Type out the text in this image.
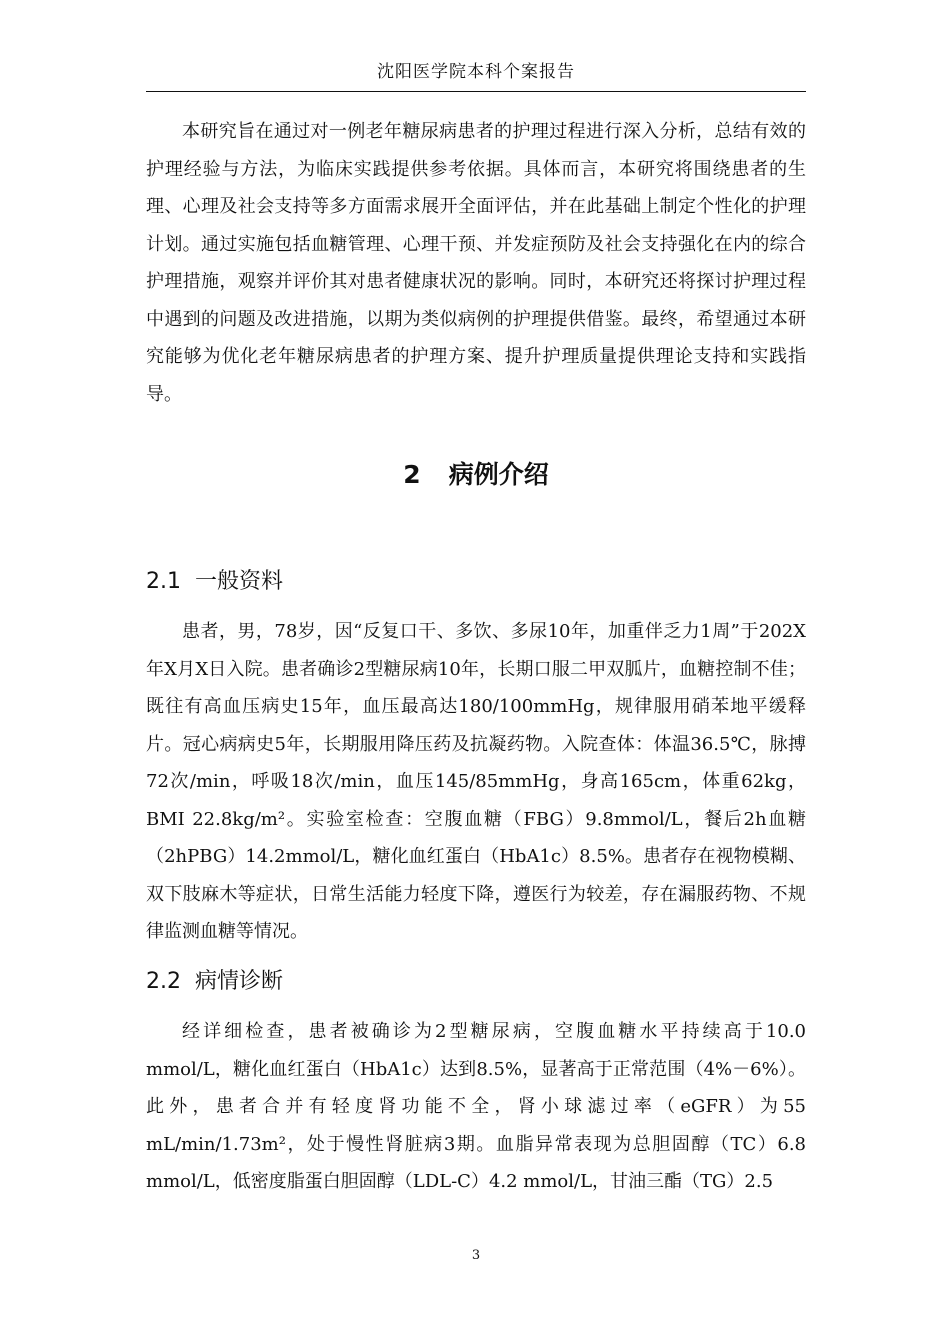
沈阳医学院本科个案报告

本研究旨在通过对一例老年糖尿病患者的护理过程进行深入分析，总结有效的护理经验与方法，为临床实践提供参考依据。具体而言，本研究将围绕患者的生理、心理及社会支持等多方面需求展开全面评估，并在此基础上制定个性化的护理计划。通过实施包括血糖管理、心理干预、并发症预防及社会支持强化在内的综合护理措施，观察并评价其对患者健康状况的影响。同时，本研究还将探讨护理过程中遇到的问题及改进措施，以期为类似病例的护理提供借鉴。最终，希望通过本研究能够为优化老年糖尿病患者的护理方案、提升护理质量提供理论支持和实践指导。

2 病例介绍
2.1 一般资料

患者，男，78岁，因“反复口干、多饮、多尿10年，加重伴乏力1周”于202X年X月X日入院。患者确诊2型糖尿病10年，长期口服二甲双胍片，血糖控制不佳；既往有高血压病史15年，血压最高达180/100mmHg，规律服用硝苯地平缓释片。冠心病病史5年，长期服用降压药及抗凝药物。入院查体：体温36.5℃，脉搏72次/min，呼吸18次/min，血压145/85mmHg，身高165cm，体重62kg，BMI 22.8kg/m²。实验室检查：空腹血糖（FBG）9.8mmol/L，餐后2h血糖（2hPBG）14.2mmol/L，糖化血红蛋白（HbA1c）8.5%。患者存在视物模糊、双下肢麻木等症状，日常生活能力轻度下降，遵医行为较差，存在漏服药物、不规律监测血糖等情况。

2.2 病情诊断

经详细检查，患者被确诊为2型糖尿病，空腹血糖水平持续高于10.0 mmol/L，糖化血红蛋白（HbA1c）达到8.5%，显著高于正常范围（4%－6%）。此外，患者合并有轻度肾功能不全，肾小球滤过率（eGFR）为55 mL/min/1.73m²，处于慢性肾脏病3期。血脂异常表现为总胆固醇（TC）6.8 mmol/L，低密度脂蛋白胆固醇（LDL-C）4.2 mmol/L，甘油三酯（TG）2.5

3
